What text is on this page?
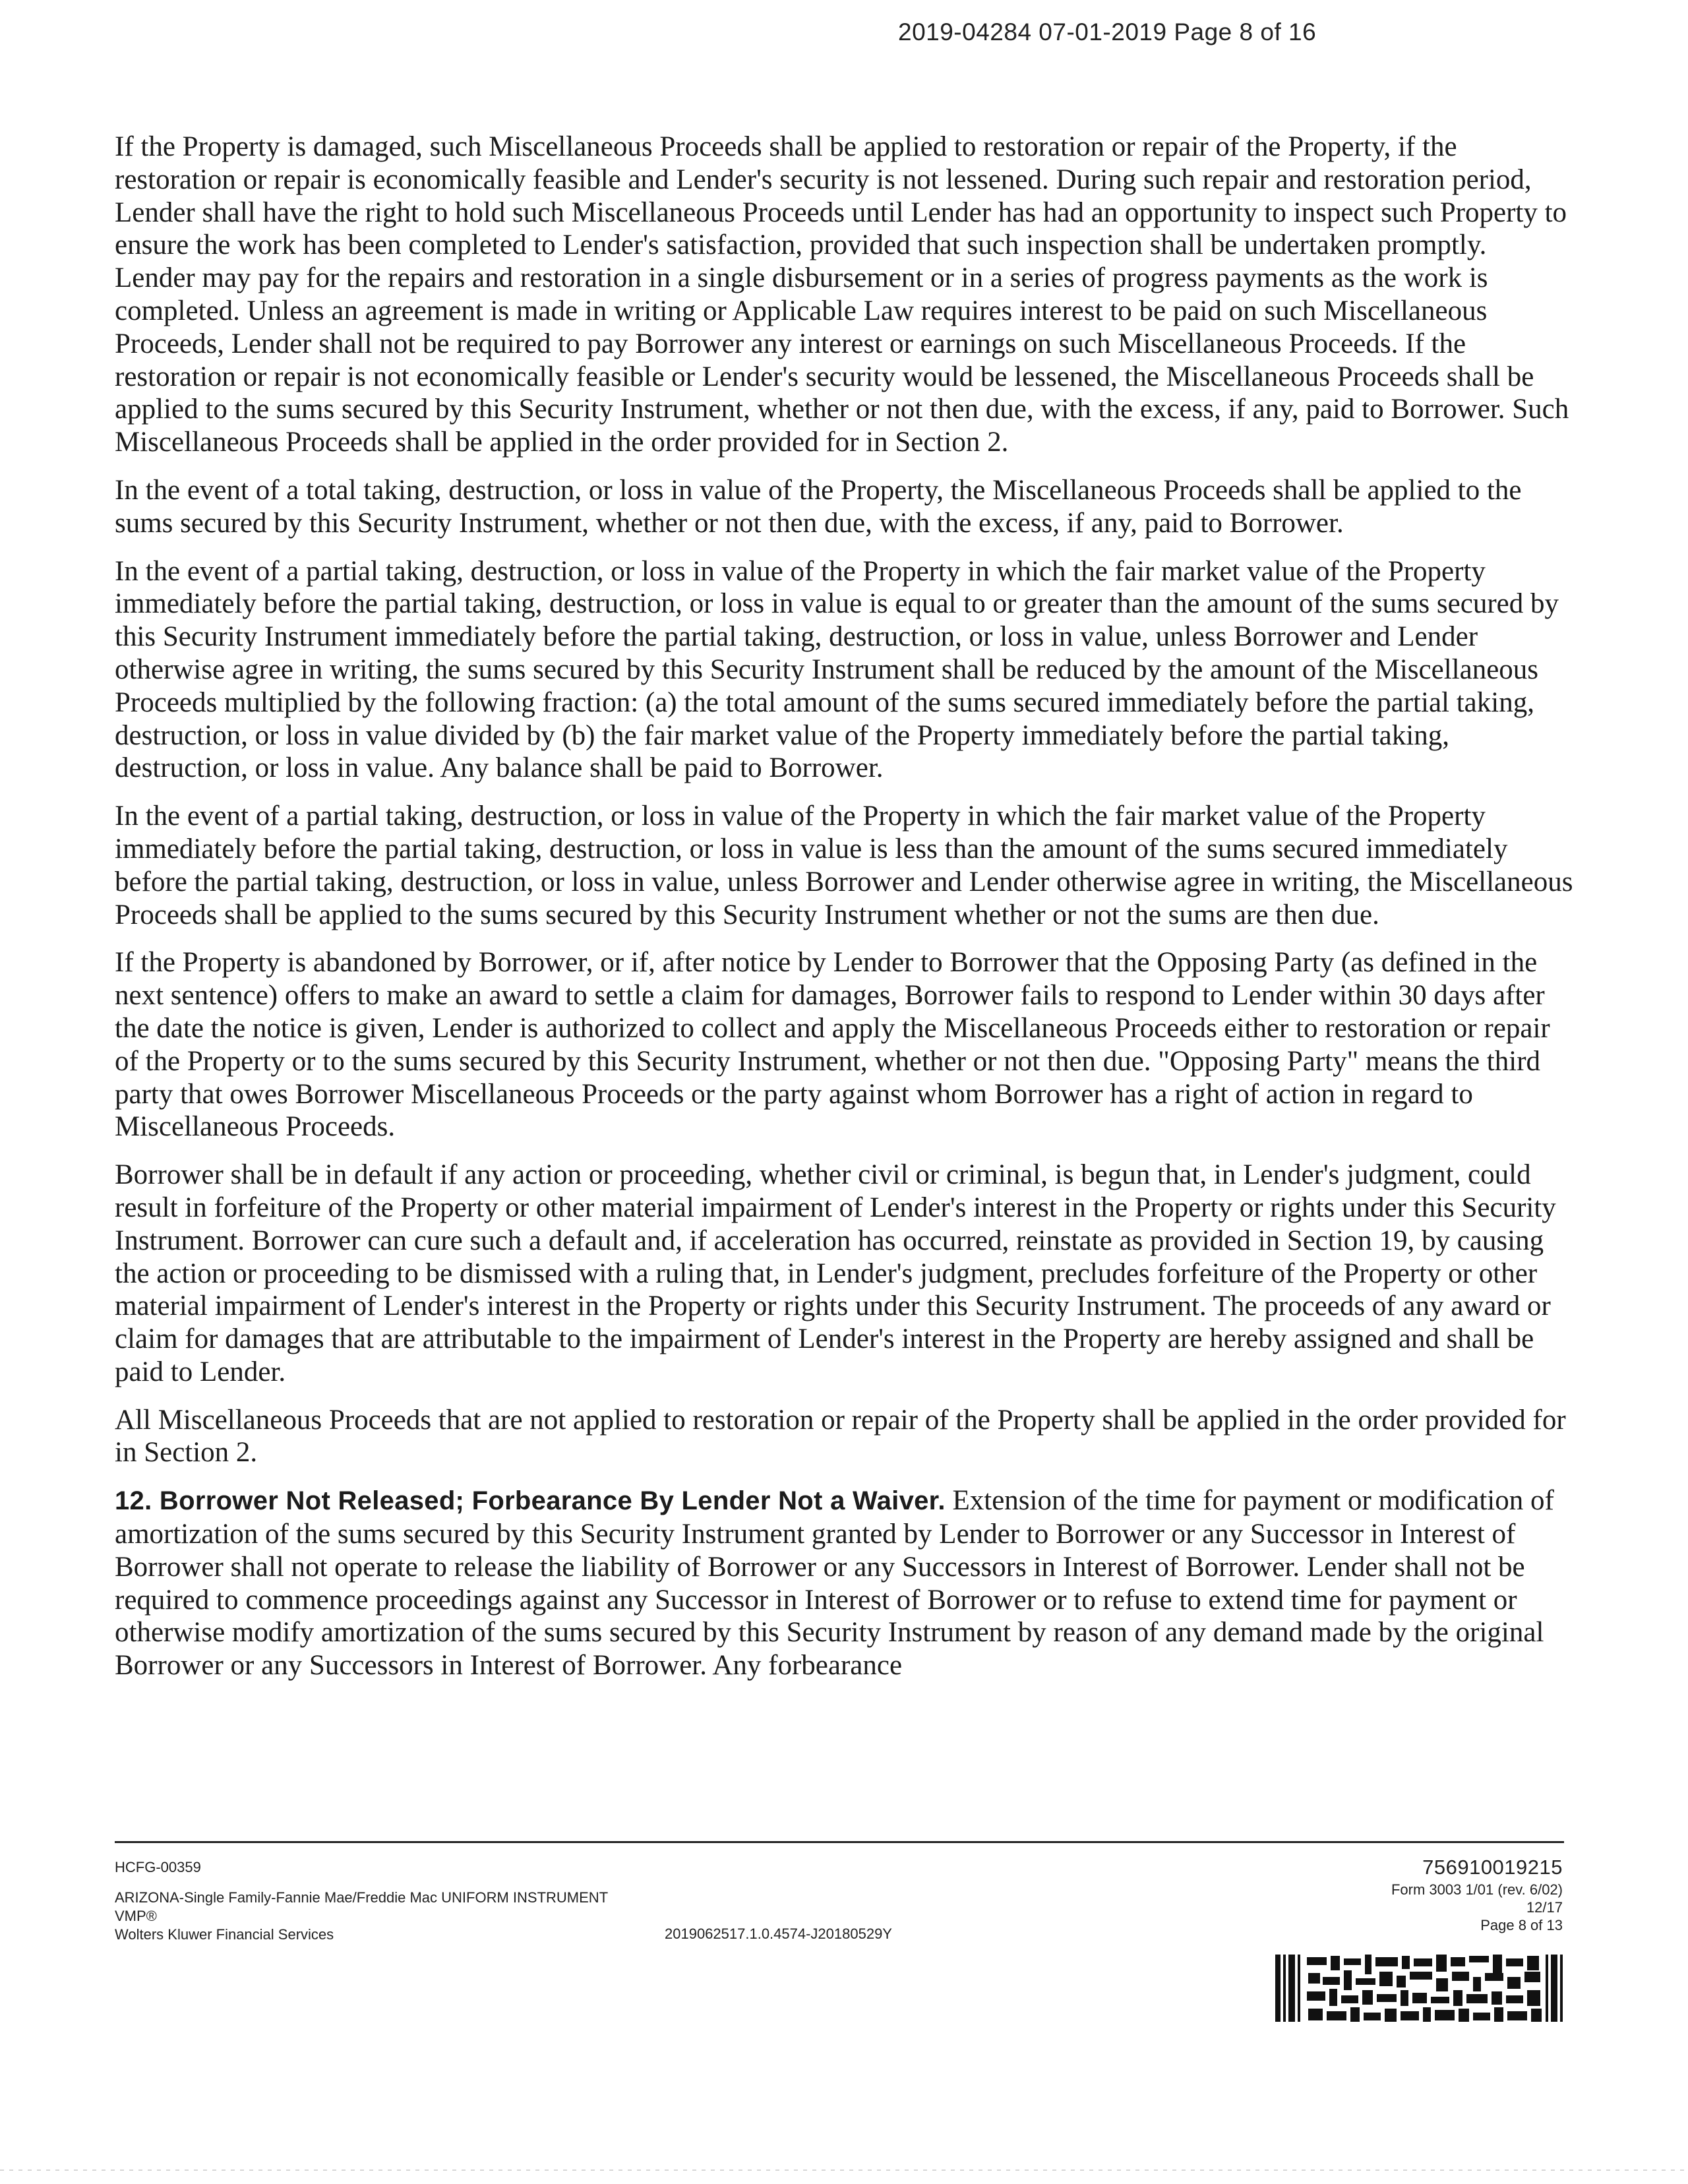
2019-04284 07-01-2019 Page 8 of 16

If the Property is damaged, such Miscellaneous Proceeds shall be applied to restoration or repair of the Property, if the restoration or repair is economically feasible and Lender's security is not lessened. During such repair and restoration period, Lender shall have the right to hold such Miscellaneous Proceeds until Lender has had an opportunity to inspect such Property to ensure the work has been completed to Lender's satisfaction, provided that such inspection shall be undertaken promptly. Lender may pay for the repairs and restoration in a single disbursement or in a series of progress payments as the work is completed. Unless an agreement is made in writing or Applicable Law requires interest to be paid on such Miscellaneous Proceeds, Lender shall not be required to pay Borrower any interest or earnings on such Miscellaneous Proceeds. If the restoration or repair is not economically feasible or Lender's security would be lessened, the Miscellaneous Proceeds shall be applied to the sums secured by this Security Instrument, whether or not then due, with the excess, if any, paid to Borrower. Such Miscellaneous Proceeds shall be applied in the order provided for in Section 2.

In the event of a total taking, destruction, or loss in value of the Property, the Miscellaneous Proceeds shall be applied to the sums secured by this Security Instrument, whether or not then due, with the excess, if any, paid to Borrower.

In the event of a partial taking, destruction, or loss in value of the Property in which the fair market value of the Property immediately before the partial taking, destruction, or loss in value is equal to or greater than the amount of the sums secured by this Security Instrument immediately before the partial taking, destruction, or loss in value, unless Borrower and Lender otherwise agree in writing, the sums secured by this Security Instrument shall be reduced by the amount of the Miscellaneous Proceeds multiplied by the following fraction: (a) the total amount of the sums secured immediately before the partial taking, destruction, or loss in value divided by (b) the fair market value of the Property immediately before the partial taking, destruction, or loss in value. Any balance shall be paid to Borrower.

In the event of a partial taking, destruction, or loss in value of the Property in which the fair market value of the Property immediately before the partial taking, destruction, or loss in value is less than the amount of the sums secured immediately before the partial taking, destruction, or loss in value, unless Borrower and Lender otherwise agree in writing, the Miscellaneous Proceeds shall be applied to the sums secured by this Security Instrument whether or not the sums are then due.

If the Property is abandoned by Borrower, or if, after notice by Lender to Borrower that the Opposing Party (as defined in the next sentence) offers to make an award to settle a claim for damages, Borrower fails to respond to Lender within 30 days after the date the notice is given, Lender is authorized to collect and apply the Miscellaneous Proceeds either to restoration or repair of the Property or to the sums secured by this Security Instrument, whether or not then due. "Opposing Party" means the third party that owes Borrower Miscellaneous Proceeds or the party against whom Borrower has a right of action in regard to Miscellaneous Proceeds.

Borrower shall be in default if any action or proceeding, whether civil or criminal, is begun that, in Lender's judgment, could result in forfeiture of the Property or other material impairment of Lender's interest in the Property or rights under this Security Instrument. Borrower can cure such a default and, if acceleration has occurred, reinstate as provided in Section 19, by causing the action or proceeding to be dismissed with a ruling that, in Lender's judgment, precludes forfeiture of the Property or other material impairment of Lender's interest in the Property or rights under this Security Instrument. The proceeds of any award or claim for damages that are attributable to the impairment of Lender's interest in the Property are hereby assigned and shall be paid to Lender.

All Miscellaneous Proceeds that are not applied to restoration or repair of the Property shall be applied in the order provided for in Section 2.

12. Borrower Not Released; Forbearance By Lender Not a Waiver. Extension of the time for payment or modification of amortization of the sums secured by this Security Instrument granted by Lender to Borrower or any Successor in Interest of Borrower shall not operate to release the liability of Borrower or any Successors in Interest of Borrower. Lender shall not be required to commence proceedings against any Successor in Interest of Borrower or to refuse to extend time for payment or otherwise modify amortization of the sums secured by this Security Instrument by reason of any demand made by the original Borrower or any Successors in Interest of Borrower. Any forbearance

HCFG-00359
ARIZONA-Single Family-Fannie Mae/Freddie Mac UNIFORM INSTRUMENT
VMP®
Wolters Kluwer Financial Services	2019062517.1.0.4574-J20180529Y
756910019215
Form 3003 1/01 (rev. 6/02)
12/17
Page 8 of 13
